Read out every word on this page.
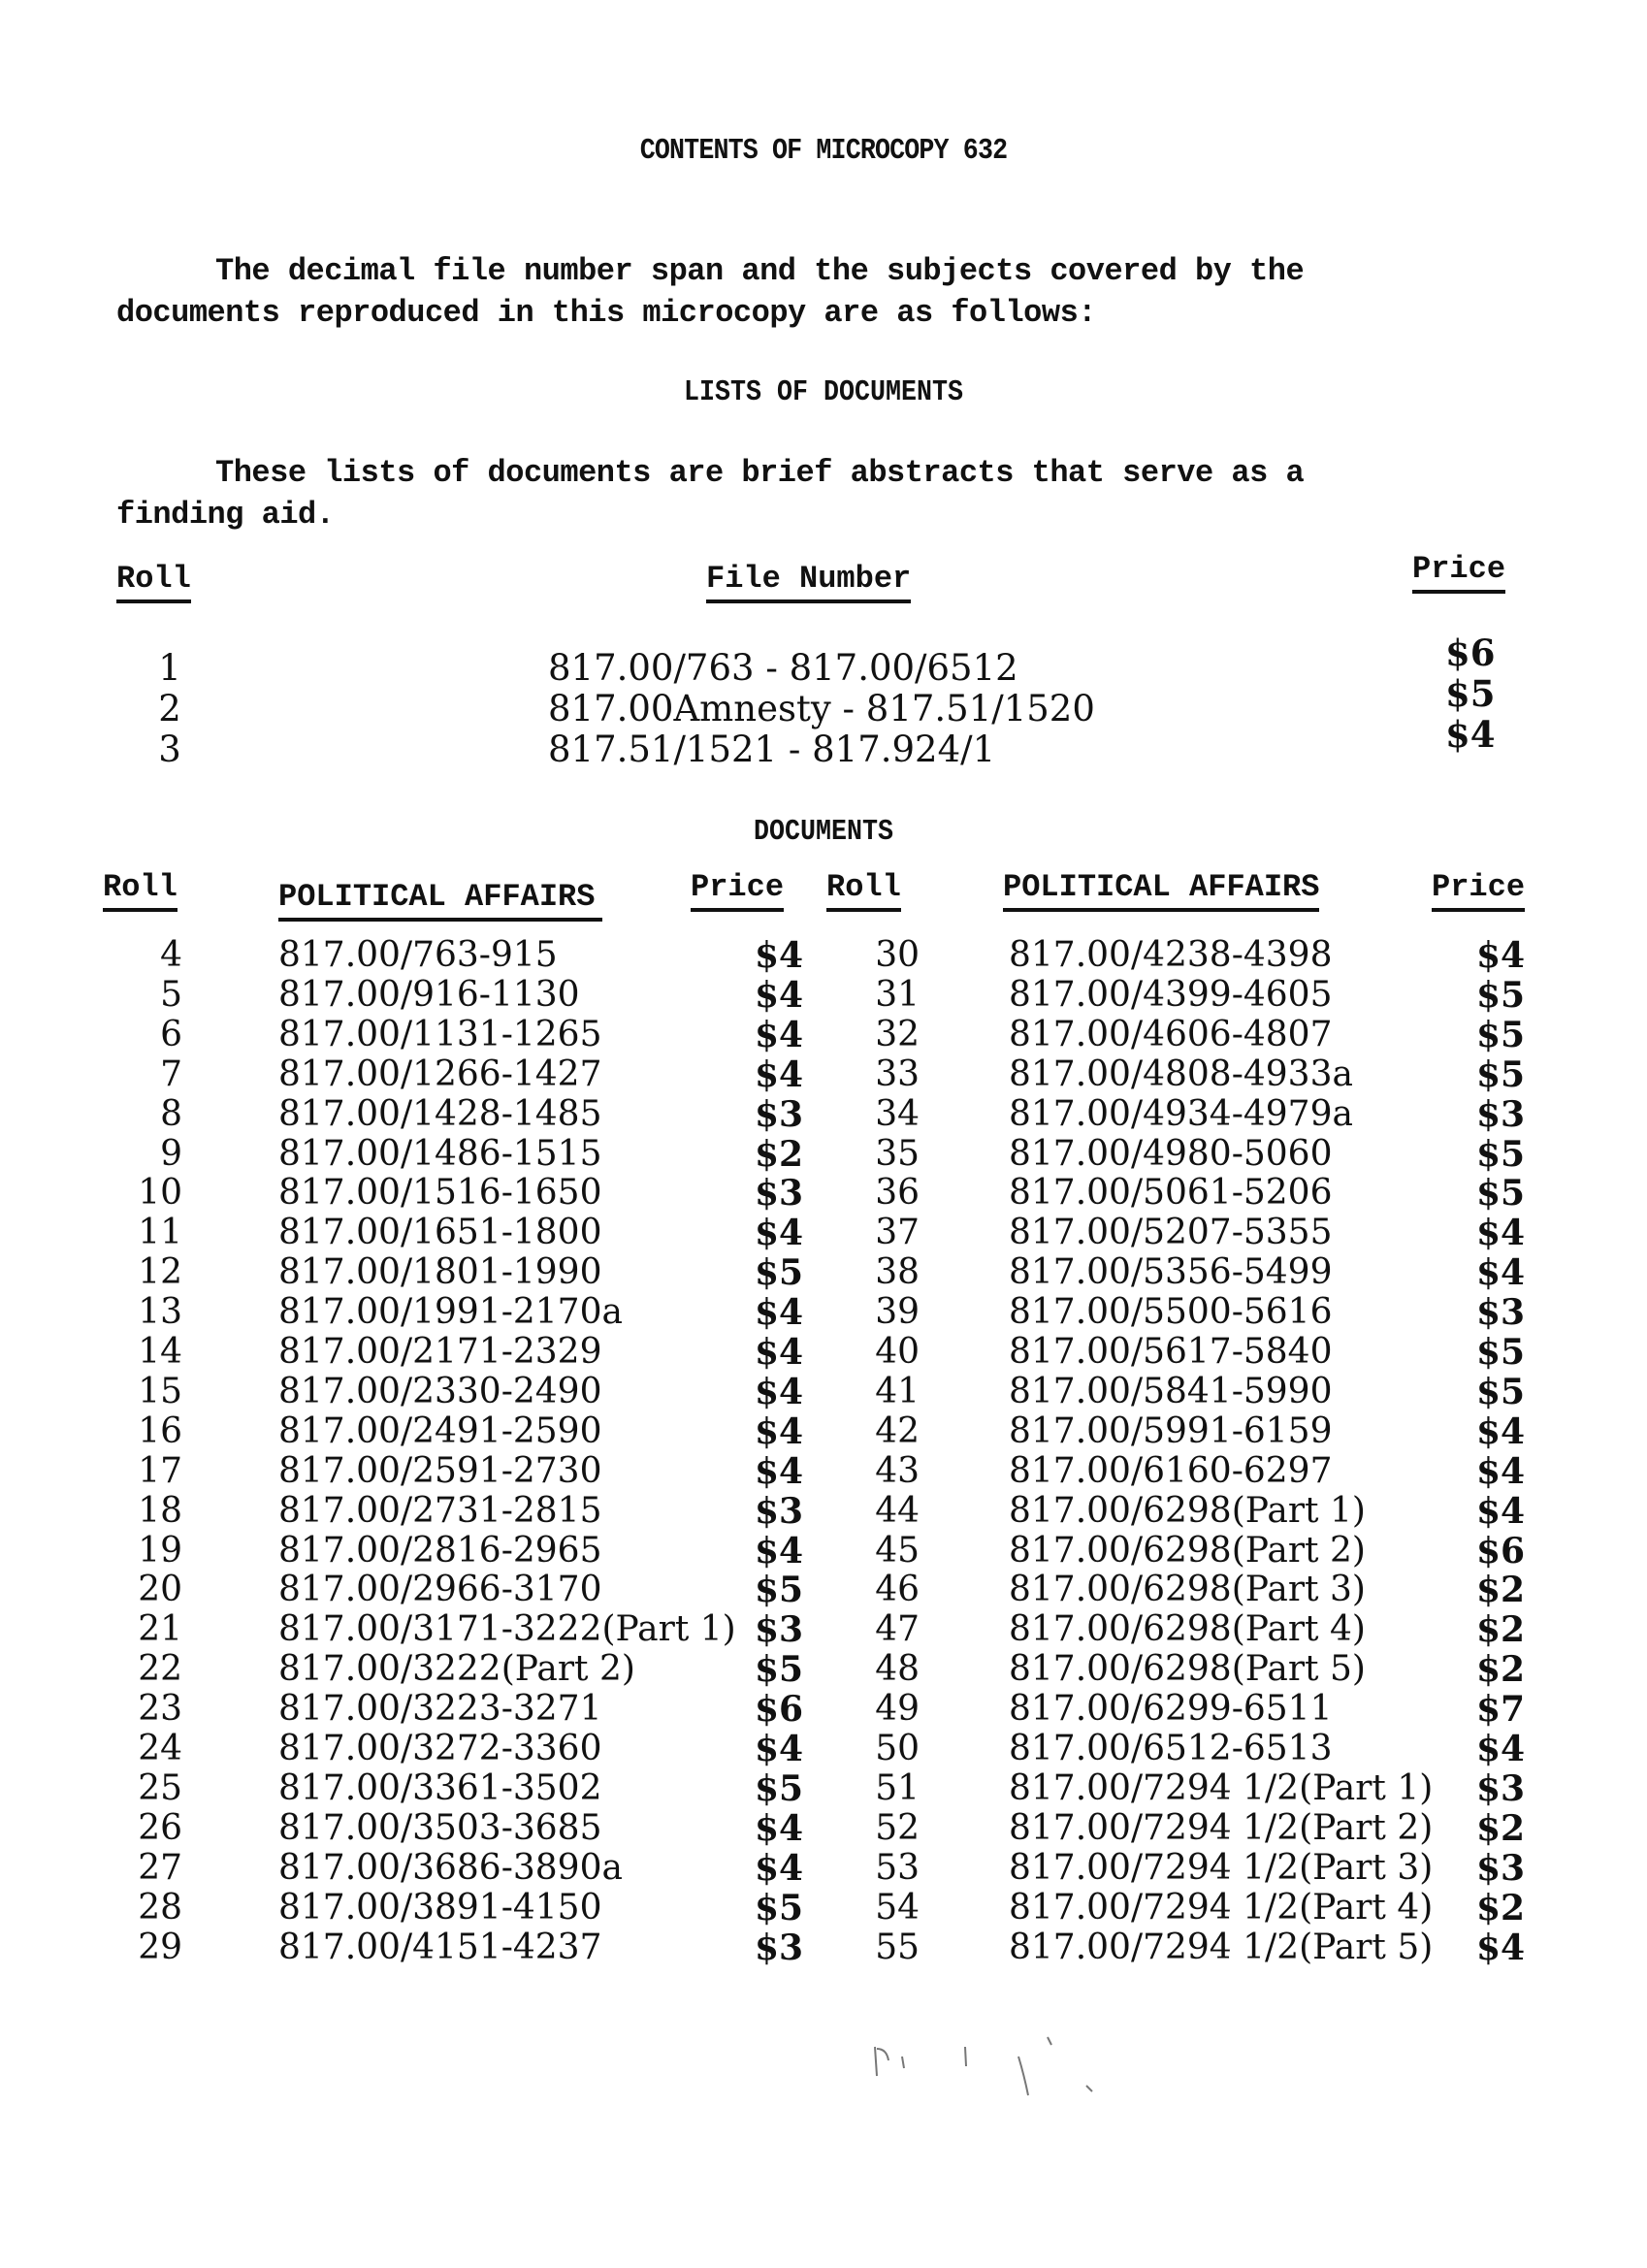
CONTENTS OF MICROCOPY 632
The decimal file number span and the subjects covered by the documents reproduced in this microcopy are as follows:
LISTS OF DOCUMENTS
These lists of documents are brief abstracts that serve as a finding aid.
Roll	File Number	Price
1	817.00/763 - 817.00/6512	$6
2	817.00Amnesty - 817.51/1520	$5
3	817.51/1521 - 817.924/1	$4
DOCUMENTS
Roll	POLITICAL AFFAIRS	Price Roll	POLITICAL AFFAIRS	Price
4	817.00/763-915	$4
5	817.00/916-1130	$4
6	817.00/1131-1265	$4
7	817.00/1266-1427	$4
8	817.00/1428-1485	$3
9	817.00/1486-1515	$2
10	817.00/1516-1650	$3
11	817.00/1651-1800	$4
12	817.00/1801-1990	$5
13	817.00/1991-2170a	$4
14	817.00/2171-2329	$4
15	817.00/2330-2490	$4
16	817.00/2491-2590	$4
17	817.00/2591-2730	$4
18	817.00/2731-2815	$3
19	817.00/2816-2965	$4
20	817.00/2966-3170	$5
21	817.00/3171-3222(Part 1) $3
22	817.00/3222(Part 2)	$5
23	817.00/3223-3271	$6
24	817.00/3272-3360	$4
25	817.00/3361-3502	$5
26	817.00/3503-3685	$4
27	817.00/3686-3890a	$4
28	817.00/3891-4150	$5
29	817.00/4151-4237	$3
30	817.00/4238-4398	$4
31	817.00/4399-4605	$5
32	817.00/4606-4807	$5
33	817.00/4808-4933a	$5
34	817.00/4934-4979a	$3
35	817.00/4980-5060	$5
36	817.00/5061-5206	$5
37	817.00/5207-5355	$4
38	817.00/5356-5499	$4
39	817.00/5500-5616	$3
40	817.00/5617-5840	$5
41	817.00/5841-5990	$5
42	817.00/5991-6159	$4
43	817.00/6160-6297	$4
44	817.00/6298(Part 1)	$4
45	817.00/6298(Part 2)	$6
46	817.00/6298(Part 3)	$2
47	817.00/6298(Part 4)	$2
48	817.00/6298(Part 5)	$2
49	817.00/6299-6511	$7
50	817.00/6512-6513	$4
51	817.00/7294 1/2(Part 1) $3
52	817.00/7294 1/2(Part 2) $2
53	817.00/7294 1/2(Part 3) $3
54	817.00/7294 1/2(Part 4) $2
55	817.00/7294 1/2(Part 5) $4
